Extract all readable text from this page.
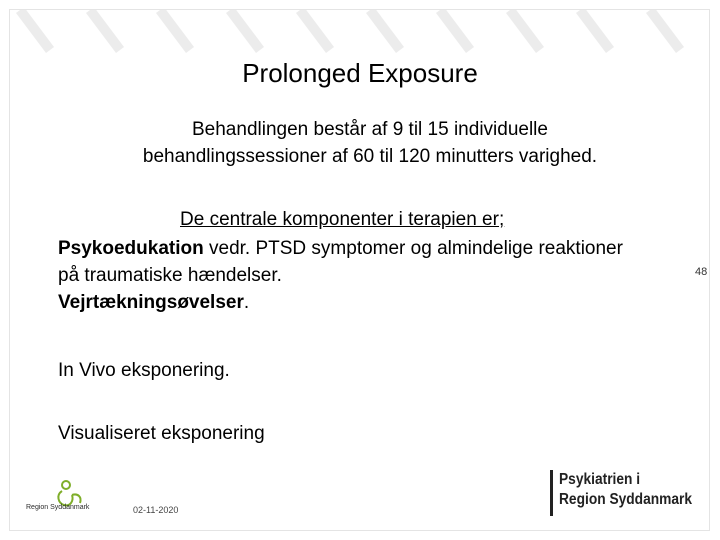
Prolonged Exposure
Behandlingen består af 9 til 15 individuelle
behandlingssessioner af 60 til 120 minutters varighed.
De centrale komponenter i terapien er;
Psykoedukation vedr. PTSD symptomer og almindelige reaktioner på traumatiske hændelser.
Vejrtækningsøvelser.
In Vivo eksponering.
Visualiseret eksponering
48
Region Syddanmark	02-11-2020
Psykiatrien i
Region Syddanmark
